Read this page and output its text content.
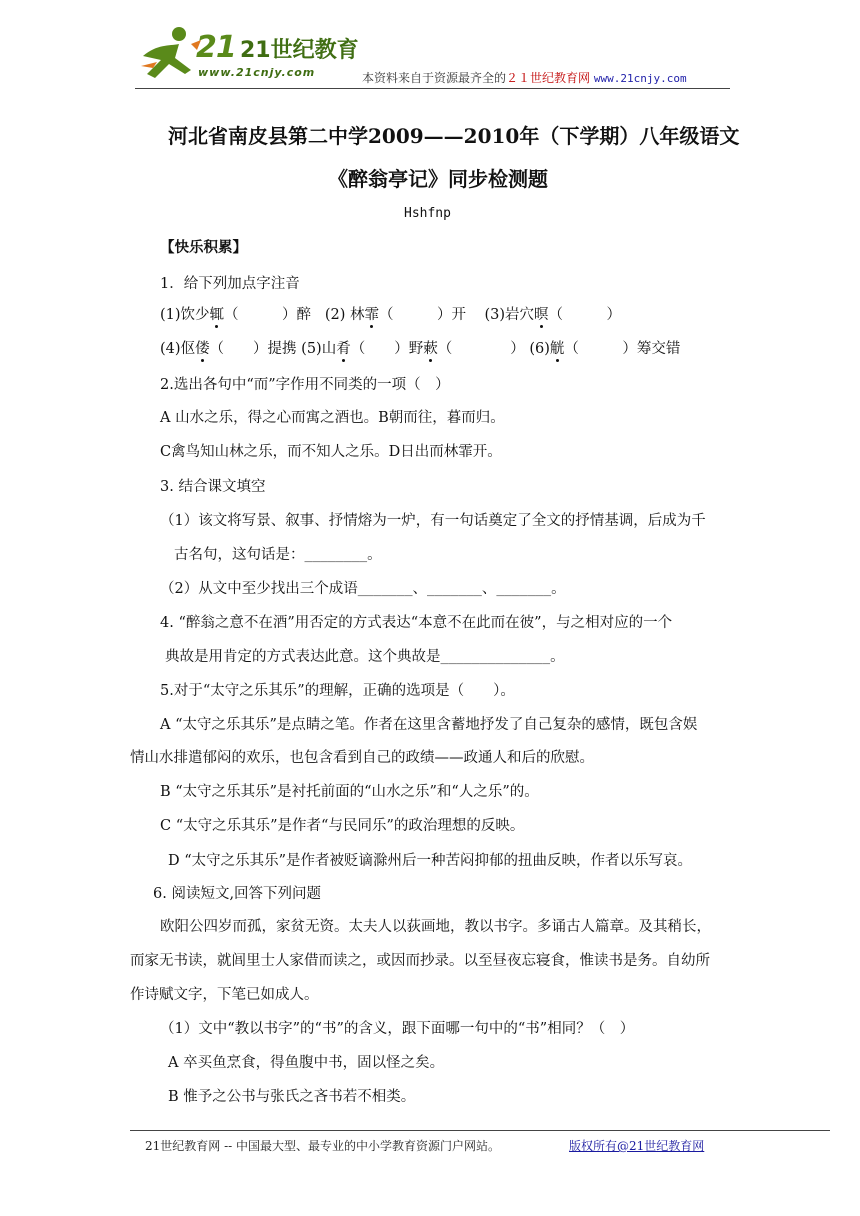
21 21世纪教育
www.21cnjy.com	本资料来自于资源最齐全的２１世纪教育网 www.21cnjy.com
河北省南皮县第二中学2009——2010年（下学期）八年级语文
《醉翁亭记》同步检测题
Hshfnp
【快乐积累】
1．给下列加点字注音
(1)饮少辄（　　　）醉 (2) 林霏（　　　）开 (3)岩穴暝（　　　）
(4)伛偻（　　）提携 (5)山肴（　　）野蔌（　　　　） (6)觥（　　　）筹交错
2.选出各句中“而”字作用不同类的一项（　）
A 山水之乐，得之心而寓之酒也。B朝而往，暮而归。
C禽鸟知山林之乐，而不知人之乐。D日出而林霏开。
3. 结合课文填空
（1）该文将写景、叙事、抒情熔为一炉，有一句话奠定了全文的抒情基调，后成为千
古名句，这句话是：________。
（2）从文中至少找出三个成语_______、_______、_______。
4. “醉翁之意不在酒”用否定的方式表达“本意不在此而在彼”，与之相对应的一个
典故是用肯定的方式表达此意。这个典故是______________。
5.对于“太守之乐其乐”的理解，正确的选项是（　　）。
A “太守之乐其乐”是点睛之笔。作者在这里含蓄地抒发了自己复杂的感情，既包含娱
情山水排遣郁闷的欢乐，也包含看到自己的政绩——政通人和后的欣慰。
B “太守之乐其乐”是衬托前面的“山水之乐”和“人之乐”的。
C “太守之乐其乐”是作者“与民同乐”的政治理想的反映。
D “太守之乐其乐”是作者被贬谪滁州后一种苦闷抑郁的扭曲反映，作者以乐写哀。
6. 阅读短文,回答下列问题
欧阳公四岁而孤，家贫无资。太夫人以荻画地，教以书字。多诵古人篇章。及其稍长，
而家无书读，就闾里士人家借而读之，或因而抄录。以至昼夜忘寝食，惟读书是务。自幼所
作诗赋文字，下笔已如成人。
（1）文中“教以书字”的“书”的含义，跟下面哪一句中的“书”相同？（　）
A 卒买鱼烹食，得鱼腹中书，固以怪之矣。
B 惟予之公书与张氏之吝书若不相类。
21世纪教育网 -- 中国最大型、最专业的中小学教育资源门户网站。	版权所有@21世纪教育网
